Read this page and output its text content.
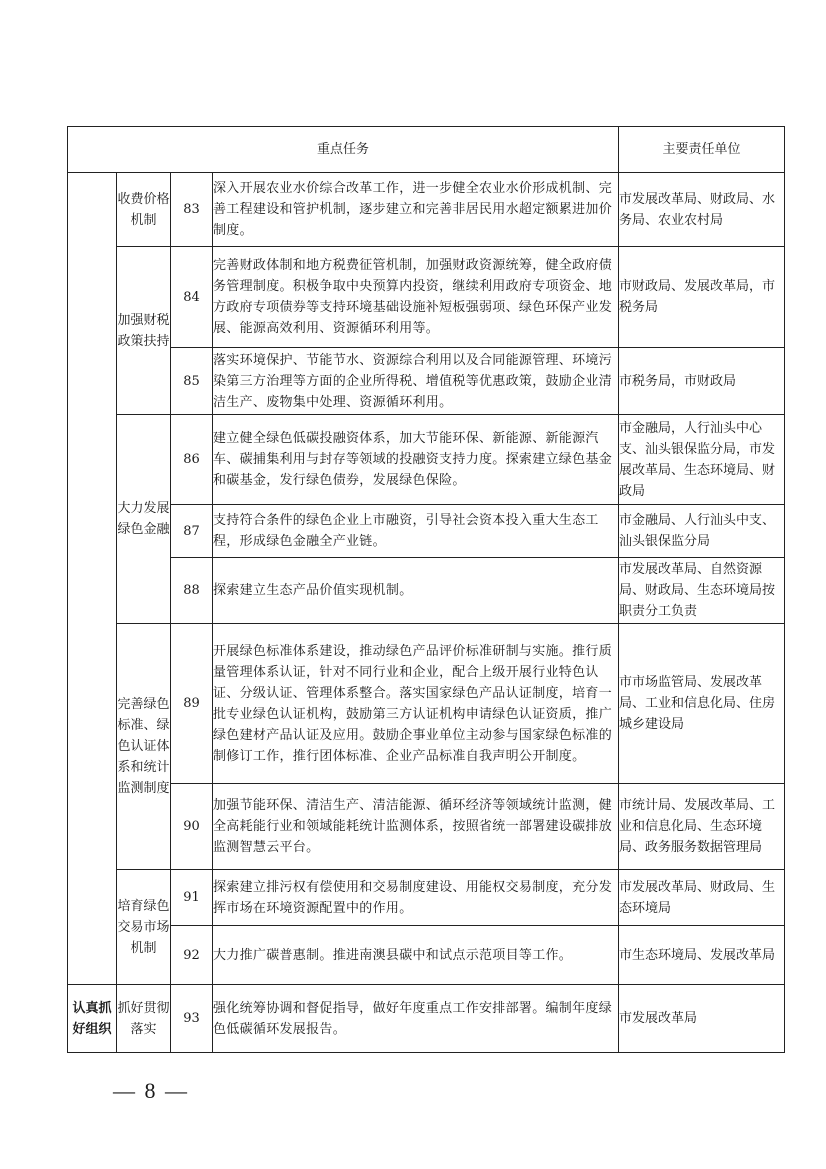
重点任务				主要责任单位
	收费价格机制	83	深入开展农业水价综合改革工作，进一步健全农业水价形成机制、完善工程建设和管护机制，逐步建立和完善非居民用水超定额累进加价制度。	市发展改革局、财政局、水务局、农业农村局
	加强财税政策扶持	84	完善财政体制和地方税费征管机制，加强财政资源统筹，健全政府债务管理制度。积极争取中央预算内投资，继续利用政府专项资金、地方政府专项债券等支持环境基础设施补短板强弱项、绿色环保产业发展、能源高效利用、资源循环利用等。	市财政局、发展改革局，市税务局
		85	落实环境保护、节能节水、资源综合利用以及合同能源管理、环境污染第三方治理等方面的企业所得税、增值税等优惠政策，鼓励企业清洁生产、废物集中处理、资源循环利用。	市税务局，市财政局
	大力发展绿色金融	86	建立健全绿色低碳投融资体系，加大节能环保、新能源、新能源汽车、碳捕集利用与封存等领域的投融资支持力度。探索建立绿色基金和碳基金，发行绿色债券，发展绿色保险。	市金融局，人行汕头中心支、汕头银保监分局，市发展改革局、生态环境局、财政局
		87	支持符合条件的绿色企业上市融资，引导社会资本投入重大生态工程，形成绿色金融全产业链。	市金融局、人行汕头中支、汕头银保监分局
		88	探索建立生态产品价值实现机制。	市发展改革局、自然资源局、财政局、生态环境局按职责分工负责
	完善绿色标准、绿色认证体系和统计监测制度	89	开展绿色标准体系建设，推动绿色产品评价标准研制与实施。推行质量管理体系认证，针对不同行业和企业，配合上级开展行业特色认证、分级认证、管理体系整合。落实国家绿色产品认证制度，培育一批专业绿色认证机构，鼓励第三方认证机构申请绿色认证资质，推广绿色建材产品认证及应用。鼓励企事业单位主动参与国家绿色标准的制修订工作，推行团体标准、企业产品标准自我声明公开制度。	市市场监管局、发展改革局、工业和信息化局、住房城乡建设局
		90	加强节能环保、清洁生产、清洁能源、循环经济等领域统计监测，健全高耗能行业和领域能耗统计监测体系，按照省统一部署建设碳排放监测智慧云平台。	市统计局、发展改革局、工业和信息化局、生态环境局、政务服务数据管理局
	培育绿色交易市场机制	91	探索建立排污权有偿使用和交易制度建设、用能权交易制度，充分发挥市场在环境资源配置中的作用。	市发展改革局、财政局、生态环境局
		92	大力推广碳普惠制。推进南澳县碳中和试点示范项目等工作。	市生态环境局、发展改革局
认真抓好组织	抓好贯彻落实	93	强化统筹协调和督促指导，做好年度重点工作安排部署。编制年度绿色低碳循环发展报告。	市发展改革局
— 8 —
